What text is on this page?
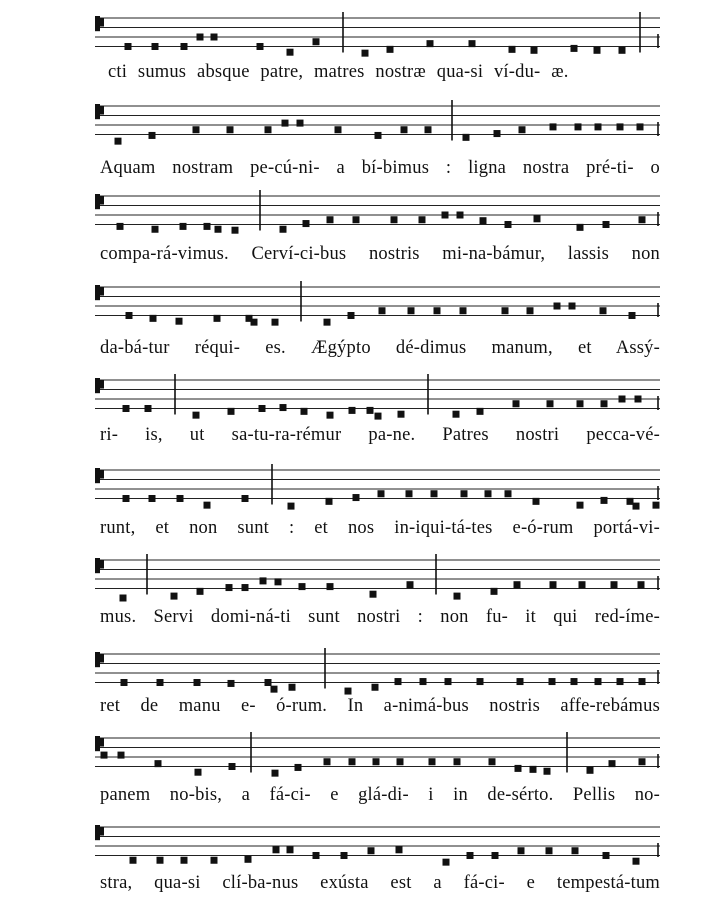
cti sumus absque patre, matres nostræ qua-si ví-du- æ.
Aquam nostram pe-cú-ni- a bí-bimus : ligna nostra pré-ti- o
compa-rá-vimus. Cerví-ci-bus nostris mi-na-bámur, lassis non
da-bá-tur réqui- es. Ægýpto dé-dimus manum, et Assý-
ri- is, ut sa-tu-ra-rémur pa-ne. Patres nostri pecca-vé-
runt, et non sunt : et nos in-iqui-tá-tes e-ó-rum portá-vi-
mus. Servi domi-ná-ti sunt nostri : non fu- it qui red-íme-
ret de manu e- ó-rum. In a-nimá-bus nostris affe-rebámus
panem no-bis, a fá-ci- e glá-di- i in de-sérto. Pellis no-
stra, qua-si clí-ba-nus exústa est a fá-ci- e tempestá-tum
